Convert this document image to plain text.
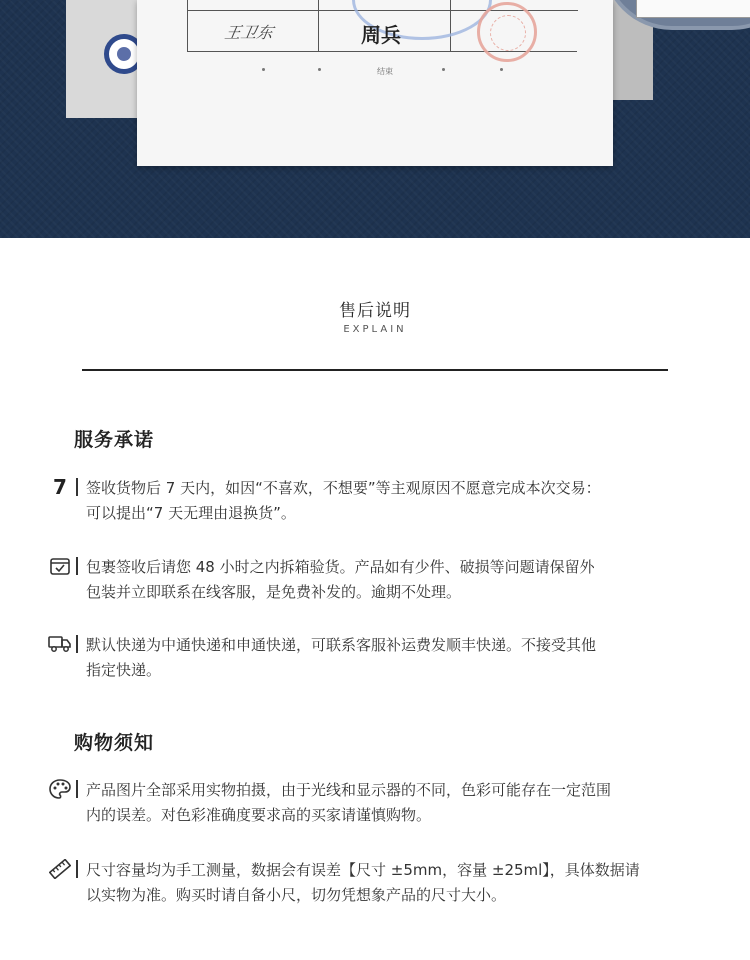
王卫东	周兵
结束
售后说明
EXPLAIN
服务承诺
7 签收货物后 7 天内，如因“不喜欢，不想要”等主观原因不愿意完成本次交易：
可以提出“7 天无理由退换货”。
包裹签收后请您 48 小时之内拆箱验货。产品如有少件、破损等问题请保留外
包装并立即联系在线客服，是免费补发的。逾期不处理。
默认快递为中通快递和申通快递，可联系客服补运费发顺丰快递。不接受其他
指定快递。
购物须知
产品图片全部采用实物拍摄，由于光线和显示器的不同，色彩可能存在一定范围
内的误差。对色彩准确度要求高的买家请谨慎购物。
尺寸容量均为手工测量，数据会有误差【尺寸 ±5mm，容量 ±25ml】，具体数据请
以实物为准。购买时请自备小尺，切勿凭想象产品的尺寸大小。
